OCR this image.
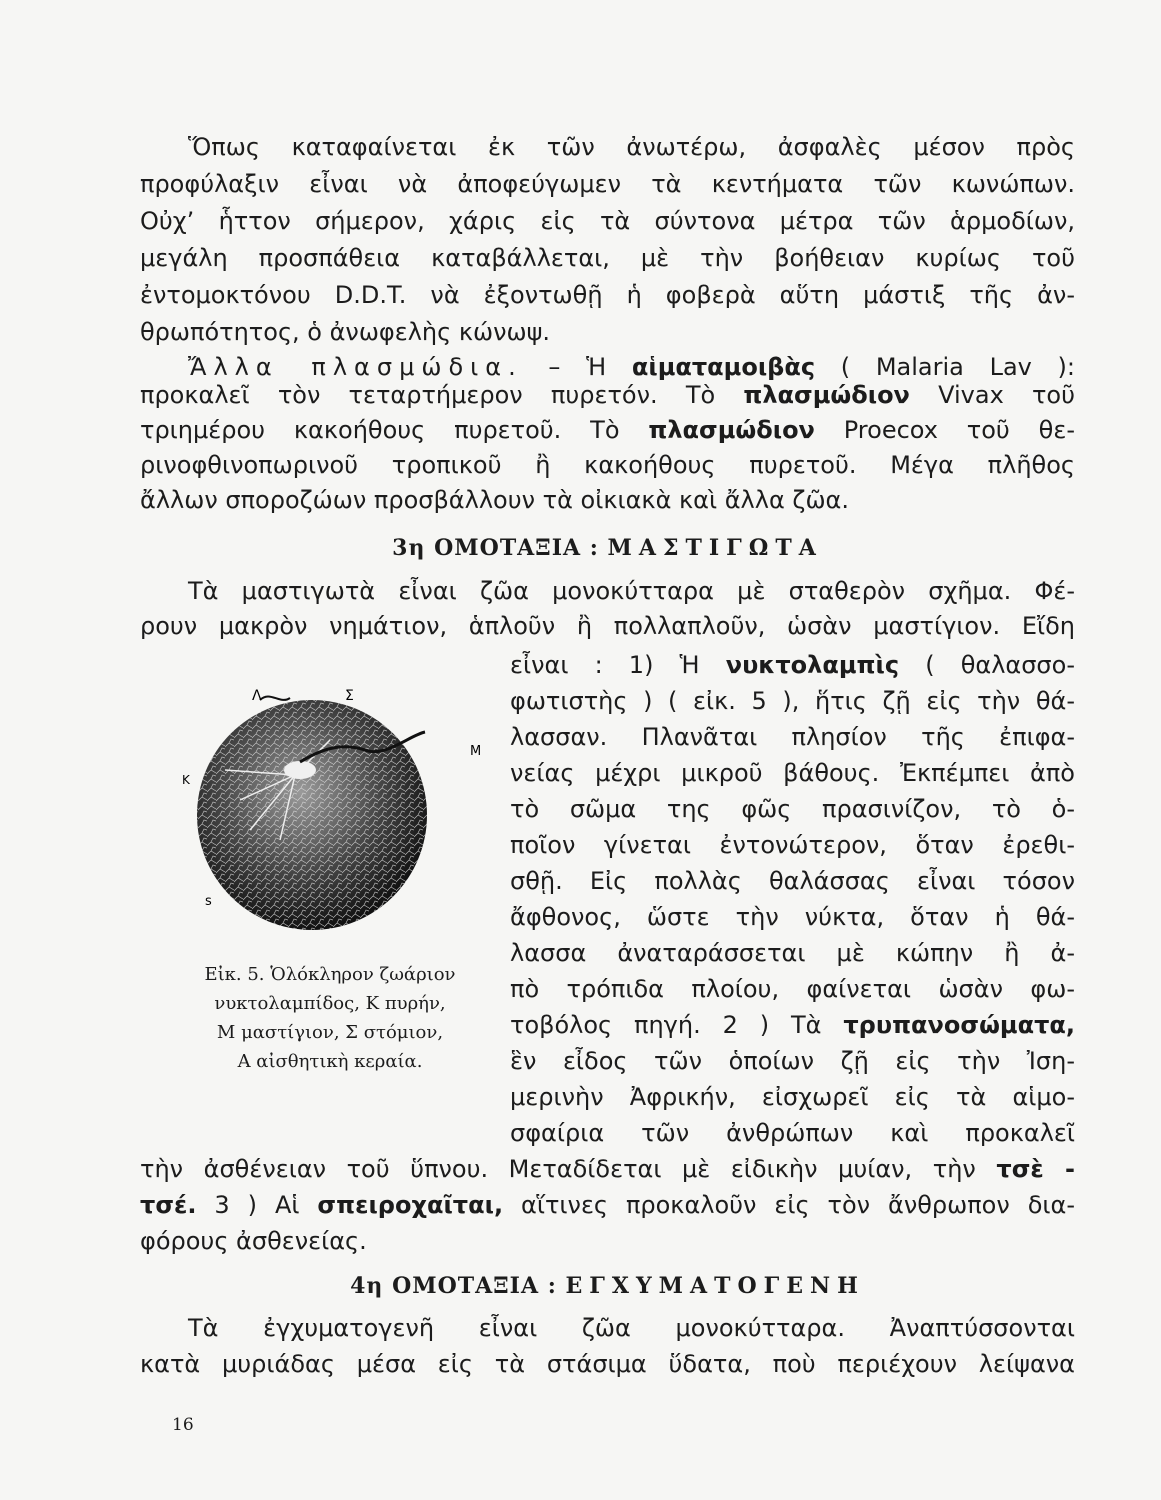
Ὅπως καταφαίνεται ἐκ τῶν ἀνωτέρω, ἀσφαλὲς μέσον πρὸς
προφύλαξιν εἶναι νὰ ἀποφεύγωμεν τὰ κεντήματα τῶν κωνώπων.
Οὐχ’ ἧττον σήμερον, χάρις εἰς τὰ σύντονα μέτρα τῶν ἁρμοδίων,
μεγάλη προσπάθεια καταβάλλεται, μὲ τὴν βοήθειαν κυρίως τοῦ
ἐντομοκτόνου D.D.T. νὰ ἐξοντωθῇ ἡ φοβερὰ αὕτη μάστιξ τῆς ἀν-
θρωπότητος, ὁ ἀνωφελὴς κώνωψ.
Ἄλλα πλασμώδια. – Ἡ αἱματαμοιβὰς ( Malaria Lav ):
προκαλεῖ τὸν τεταρτήμερον πυρετόν. Τὸ πλασμώδιον Vivax τοῦ
τριημέρου κακοήθους πυρετοῦ. Τὸ πλασμώδιον Proecox τοῦ θε-
ρινοφθινοπωρινοῦ τροπικοῦ ἢ κακοήθους πυρετοῦ. Μέγα πλῆθος
ἄλλων σποροζώων προσβάλλουν τὰ οἰκιακὰ καὶ ἄλλα ζῶα.
3η ΟΜΟΤΑΞΙΑ : ΜΑΣΤΙΓΩΤΑ
Τὰ μαστιγωτὰ εἶναι ζῶα μονοκύτταρα μὲ σταθερὸν σχῆμα. Φέ-
ρουν μακρὸν νημάτιον, ἁπλοῦν ἢ πολλαπλοῦν, ὡσὰν μαστίγιον. Εἴδη
εἶναι : 1) Ἡ νυκτολαμπὶς ( θαλασσο-
φωτιστὴς ) ( εἰκ. 5 ), ἥτις ζῇ εἰς τὴν θά-
λασσαν. Πλανᾶται πλησίον τῆς ἐπιφα-
νείας μέχρι μικροῦ βάθους. Ἐκπέμπει ἀπὸ
τὸ σῶμα της φῶς πρασινίζον, τὸ ὁ-
ποῖον γίνεται ἐντονώτερον, ὅταν ἐρεθι-
σθῇ. Εἰς πολλὰς θαλάσσας εἶναι τόσον
ἄφθονος, ὥστε τὴν νύκτα, ὅταν ἡ θά-
λασσα ἀναταράσσεται μὲ κώπην ἢ ἀ-
πὸ τρόπιδα πλοίου, φαίνεται ὡσὰν φω-
τοβόλος πηγή. 2 ) Τὰ τρυπανοσώματα,
ἓν εἶδος τῶν ὁποίων ζῇ εἰς τὴν Ἰση-
μερινὴν Ἀφρικήν, εἰσχωρεῖ εἰς τὰ αἱμο-
σφαίρια τῶν ἀνθρώπων καὶ προκαλεῖ
τὴν ἀσθένειαν τοῦ ὕπνου. Μεταδίδεται μὲ εἰδικὴν μυίαν, τὴν τσὲ -
τσέ. 3 ) Αἱ σπειροχαῖται, αἵτινες προκαλοῦν εἰς τὸν ἄνθρωπον δια-
φόρους ἀσθενείας.
4η ΟΜΟΤΑΞΙΑ : ΕΓΧΥΜΑΤΟΓΕΝΗ
Τὰ ἐγχυματογενῆ εἶναι ζῶα μονοκύτταρα. Ἀναπτύσσονται
κατὰ μυριάδας μέσα εἰς τὰ στάσιμα ὕδατα, ποὺ περιέχουν λείψανα
Λ	Σ
Μ
Κ
s
Εἰκ. 5. Ὁλόκληρον ζωάριον
νυκτολαμπίδος, Κ πυρήν,
Μ μαστίγιον, Σ στόμιον,
Α αἰσθητικὴ κεραία.
16
